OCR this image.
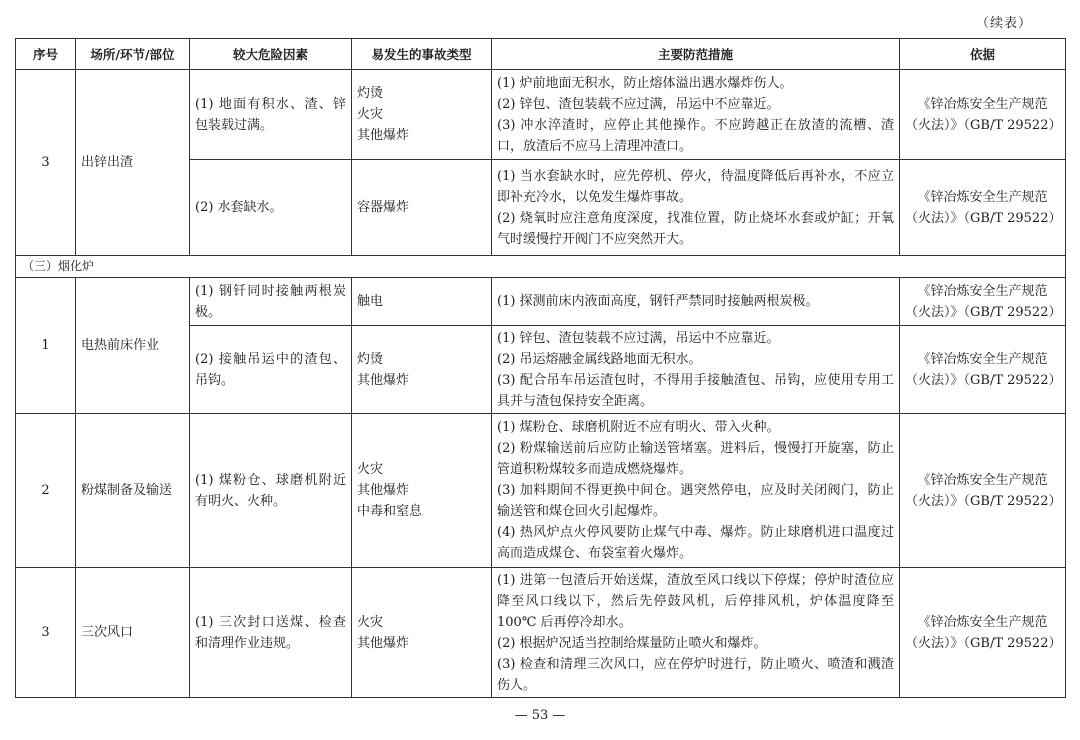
（续表）
序号	场所/环节/部位	较大危险因素	易发生的事故类型	主要防范措施	依据
3	出锌出渣	(1) 地面有积水、渣、锌包装载过满。	灼烫
火灾
其他爆炸	(1) 炉前地面无积水，防止熔体溢出遇水爆炸伤人。
(2) 锌包、渣包装载不应过满，吊运中不应靠近。
(3) 冲水淬渣时，应停止其他操作。不应跨越正在放渣的流槽、渣口，放渣后不应马上清理冲渣口。	《锌冶炼安全生产规范
（火法）》（GB/T 29522）

		(2) 水套缺水。	容器爆炸	(1) 当水套缺水时，应先停机、停火，待温度降低后再补水，不应立即补充冷水，以免发生爆炸事故。
(2) 烧氧时应注意角度深度，找准位置，防止烧坏水套或炉缸；开氧气时缓慢拧开阀门不应突然开大。	《锌冶炼安全生产规范
（火法）》（GB/T 29522）

（三）烟化炉					
1	电热前床作业	(1) 钢钎同时接触两根炭极。	触电	(1) 探测前床内液面高度，钢钎严禁同时接触两根炭极。	《锌冶炼安全生产规范
（火法）》（GB/T 29522）

		(2) 接触吊运中的渣包、吊钩。	灼烫
其他爆炸	(1) 锌包、渣包装载不应过满，吊运中不应靠近。
(2) 吊运熔融金属线路地面无积水。
(3) 配合吊车吊运渣包时，不得用手接触渣包、吊钩，应使用专用工具并与渣包保持安全距离。	《锌冶炼安全生产规范
（火法）》（GB/T 29522）

2	粉煤制备及输送	(1) 煤粉仓、球磨机附近有明火、火种。	火灾
其他爆炸
中毒和窒息	(1) 煤粉仓、球磨机附近不应有明火、带入火种。
(2) 粉煤输送前后应防止输送管堵塞。进料后，慢慢打开旋塞，防止管道积粉煤较多而造成燃烧爆炸。
(3) 加料期间不得更换中间仓。遇突然停电，应及时关闭阀门，防止输送管和煤仓回火引起爆炸。
(4) 热风炉点火停风要防止煤气中毒、爆炸。防止球磨机进口温度过高而造成煤仓、布袋室着火爆炸。	《锌冶炼安全生产规范
（火法）》（GB/T 29522）

3	三次风口	(1) 三次封口送煤、检查和清理作业违规。	火灾
其他爆炸	(1) 进第一包渣后开始送煤，渣放至风口线以下停煤；停炉时渣位应降至风口线以下，然后先停鼓风机，后停排风机，炉体温度降至 100℃ 后再停冷却水。
(2) 根据炉况适当控制给煤量防止喷火和爆炸。
(3) 检查和清理三次风口，应在停炉时进行，防止喷火、喷渣和溅渣伤人。	《锌冶炼安全生产规范
（火法）》（GB/T 29522）
— 53 —
